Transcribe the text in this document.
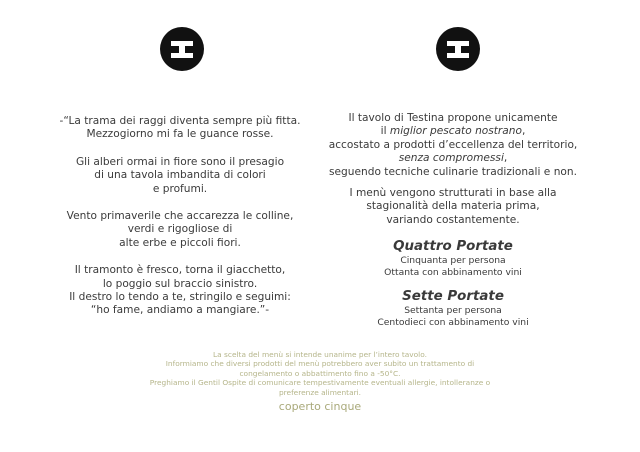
-“La trama dei raggi diventa sempre più fitta.
Mezzogiorno mi fa le guance rosse.
Gli alberi ormai in fiore sono il presagio
di una tavola imbandita di colori
e profumi.
Vento primaverile che accarezza le colline,
verdi e rigogliose di
alte erbe e piccoli fiori.
Il tramonto è fresco, torna il giacchetto,
lo poggio sul braccio sinistro.
Il destro lo tendo a te, stringilo e seguimi:
“ho fame, andiamo a mangiare.”-
Il tavolo di Testina propone unicamente
il miglior pescato nostrano,
accostato a prodotti d’eccellenza del territorio,
senza compromessi,
seguendo tecniche culinarie tradizionali e non.
I menù vengono strutturati in base alla
stagionalità della materia prima,
variando costantemente.
Quattro Portate
Cinquanta per persona
Ottanta con abbinamento vini
Sette Portate
Settanta per persona
Centodieci con abbinamento vini
La scelta del menù si intende unanime per l’intero tavolo.
Informiamo che diversi prodotti del menù potrebbero aver subito un trattamento di
congelamento o abbattimento fino a -50°C.
Preghiamo il Gentil Ospite di comunicare tempestivamente eventuali allergie, intolleranze o
preferenze alimentari.
coperto cinque
